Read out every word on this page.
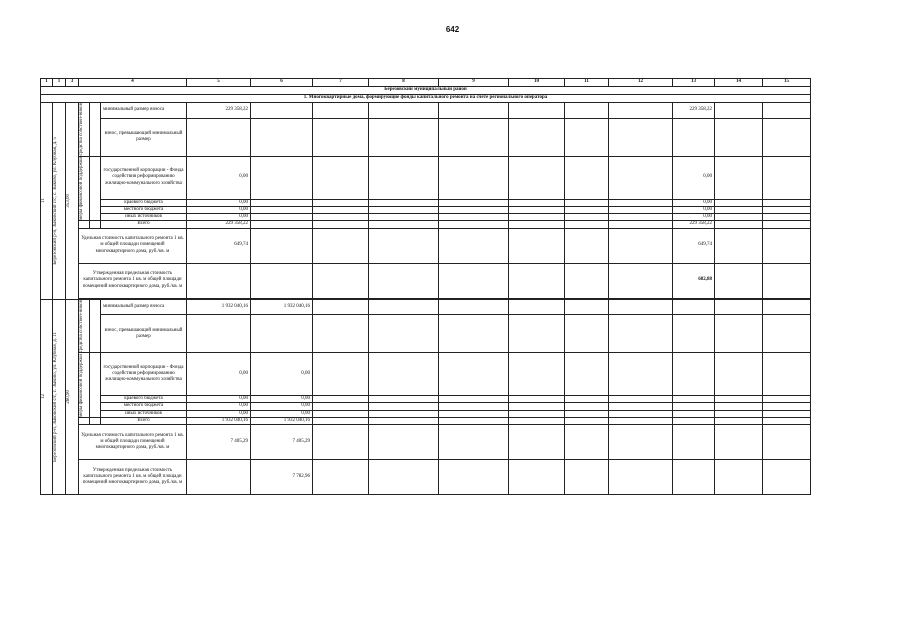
642
1	1	3	4			5	6	7	8	9	10	11	12	13	14	15
Березовский муниципальный район																
1. Многоквартирные дома, формирующие фонды капитального ремонта на счете регионального оператора																

11	Березовский р-н, Зыковский с/с, с. Зыково, ул. Клубная, д. 5	353,00	средства собствен-ников		минимальный размер взноса	229 358,22								229 358,22		
					взнос, превышающий минимальный размер											

			меры финансовой поддержки		государственной корпорации - Фонда содействия реформированию жилищно-коммунального хозяйства	0,00								0,00		
					краевого бюджета	0,00								0,00		
					местного бюджета	0,00								0,00		
					иных источников	0,00								0,00		
					Всего	229 358,22								229 358,22		
			Удельная стоимость капитального ремонта 1 кв. м общей площади помещений многоквартирного дома, руб./кв. м			649,74								649,74		
			Утвержденная предельная стоимость капитального ремонта 1 кв. м общей площади помещений многоквартирного дома, руб./кв. м											682,88		

12	Березовский р-н, Зыковский с/с, с. Зыково, ул. Клубная, д. 11	260,90	средства собствен-ников		минимальный размер взноса	1 932 040,16	1 932 040,16									
					взнос, превышающий минимальный размер											

			меры финансовой поддержки		государственной корпорации - Фонда содействия реформированию жилищно-коммунального хозяйства	0,00	0,00									
					краевого бюджета	0,00	0,00									
					местного бюджета	0,00	0,00									
					иных источников	0,00	0,00									
					Всего	1 932 040,16	1 932 040,16									
			Удельная стоимость капитального ремонта 1 кв. м общей площади помещений многоквартирного дома, руб./кв. м			7 405,29	7 405,29									
			Утвержденная предельная стоимость капитального ремонта 1 кв. м общей площади помещений многоквартирного дома, руб./кв. м				7 782,96									
